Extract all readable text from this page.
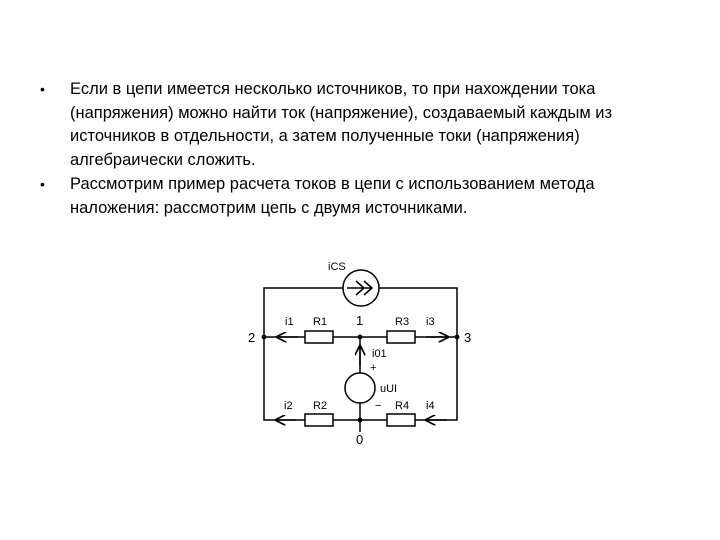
• Если в цепи имеется несколько источников, то при нахождении тока (напряжения) можно найти ток (напряжение), создаваемый каждым из источников в отдельности, а затем полученные токи (напряжения) алгебраически сложить.
• Рассмотрим пример расчета токов в цепи с использованием метода наложения: рассмотрим цепь с двумя источниками.
iCS
2	3
1
0
i1 R1	R3 i3
i01
+
uUI
−
i2 R2	R4 i4
